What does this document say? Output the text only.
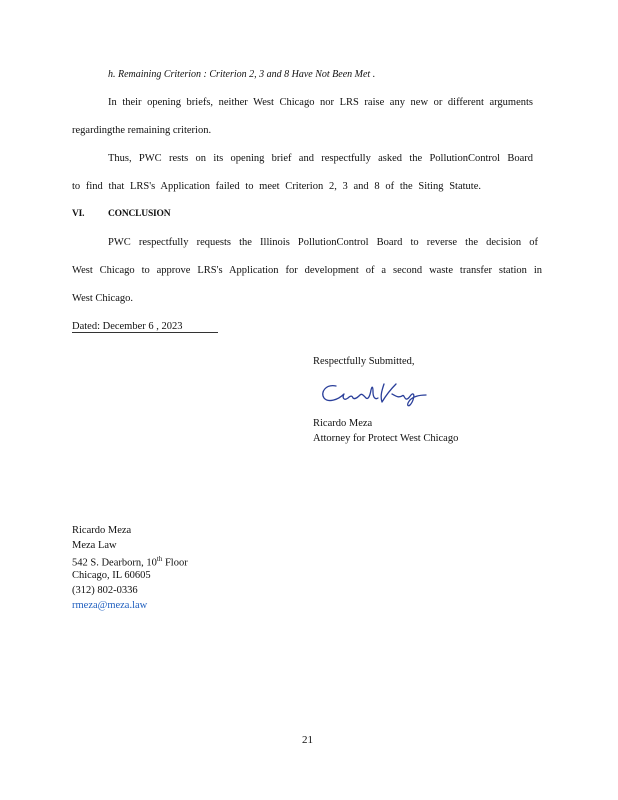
h. Remaining Criterion : Criterion 2, 3 and 8 Have Not Been Met .
In their opening briefs, neither West Chicago nor LRS raise any new or different arguments
regardingthe remaining criterion.
Thus, PWC rests on its opening brief and respectfully asked the PollutionControl Board
to find that LRS's Application failed to meet Criterion 2, 3 and 8 of the Siting Statute.
VI. CONCLUSION
PWC respectfully requests the Illinois PollutionControl Board to reverse the decision of
West Chicago to approve LRS's Application for development of a second waste transfer station in
West Chicago.
Dated: December 6 , 2023
Respectfully Submitted,
Ricardo Meza
Attorney for Protect West Chicago
Ricardo Meza
Meza Law
542 S. Dearborn, 10th Floor
Chicago, IL 60605
(312) 802-0336
rmeza@meza.law
21
